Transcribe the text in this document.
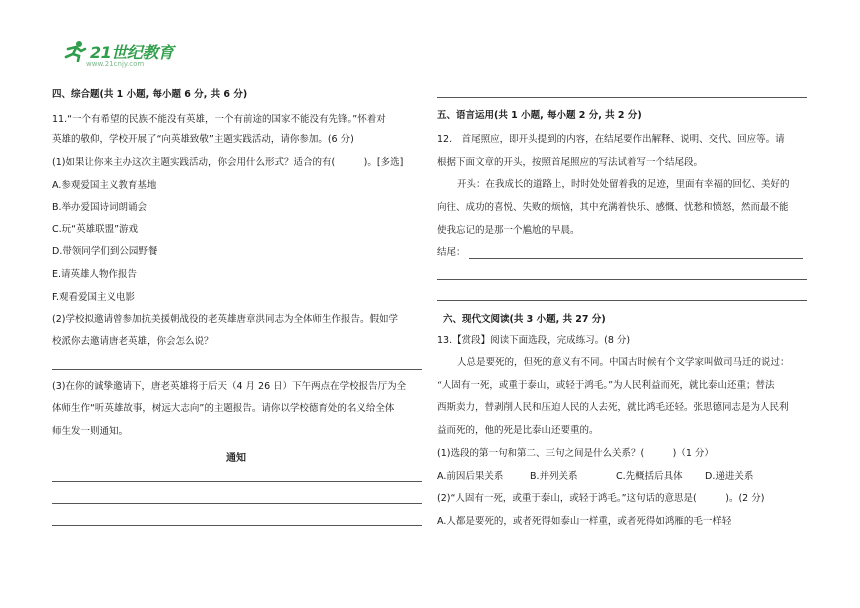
21世纪教育
www.21cnjy.com
四、综合题(共 1 小题, 每小题 6 分, 共 6 分)
11.“一个有希望的民族不能没有英雄，一个有前途的国家不能没有先锋。”怀着对
英雄的敬仰，学校开展了“向英雄致敬”主题实践活动，请你参加。(6 分)
(1)如果让你来主办这次主题实践活动，你会用什么形式？适合的有(　　　)。[多选]
A.参观爱国主义教育基地
B.举办爱国诗词朗诵会
C.玩“英雄联盟”游戏
D.带领同学们到公园野餐
E.请英雄人物作报告
F.观看爱国主义电影
(2)学校拟邀请曾参加抗美援朝战役的老英雄唐章洪同志为全体师生作报告。假如学
校派你去邀请唐老英雄，你会怎么说？
(3)在你的诚挚邀请下，唐老英雄将于后天（4 月 26 日）下午两点在学校报告厅为全
体师生作“听英雄故事，树远大志向”的主题报告。请你以学校德育处的名义给全体
师生发一则通知。
通知
五、语言运用(共 1 小题, 每小题 2 分, 共 2 分)
12.　首尾照应，即开头提到的内容，在结尾要作出解释、说明、交代、回应等。请
根据下面文章的开头，按照首尾照应的写法试着写一个结尾段。
开头：在我成长的道路上，时时处处留着我的足迹，里面有幸福的回忆、美好的
向往、成功的喜悦、失败的烦恼，其中充满着快乐、感慨、忧愁和愤怒，然而最不能
使我忘记的是那一个尴尬的早晨。
结尾：
六、现代文阅读(共 3 小题, 共 27 分)
13.【赏段】阅读下面选段，完成练习。(8 分)
人总是要死的，但死的意义有不同。中国古时候有个文学家叫做司马迁的说过：
“人固有一死，或重于泰山，或轻于鸿毛。”为人民利益而死，就比泰山还重；替法
西斯卖力，替剥削人民和压迫人民的人去死，就比鸿毛还轻。张思德同志是为人民利
益而死的，他的死是比泰山还要重的。
(1)选段的第一句和第二、三句之间是什么关系？(　　　)（1 分）
A.前因后果关系	B.并列关系	C.先概括后具体 D.递进关系
(2)“人固有一死，或重于泰山，或轻于鸿毛。”这句话的意思是(　　　)。(2 分)
A.人都是要死的，或者死得如泰山一样重，或者死得如鸿雁的毛一样轻
